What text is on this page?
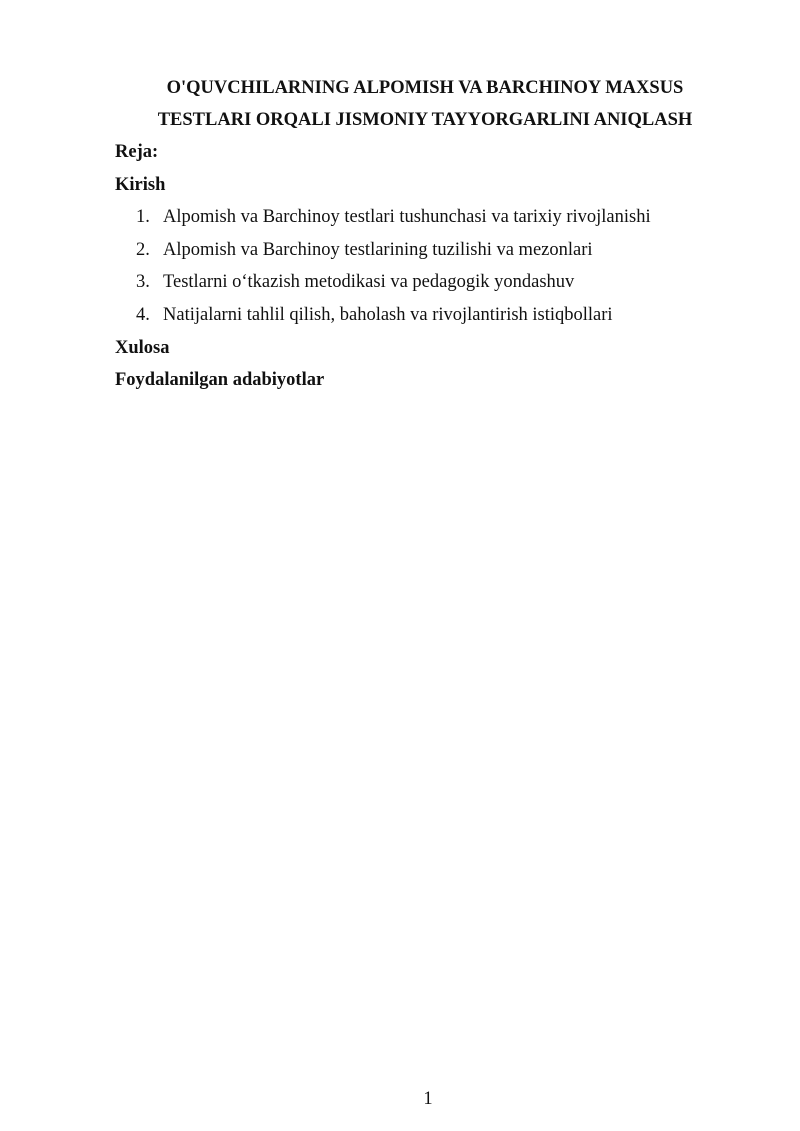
O'QUVCHILARNING ALPOMISH VA BARCHINOY MAXSUS
TESTLARI ORQALI JISMONIY TAYYORGARLINI ANIQLASH
Reja:
Kirish
1. Alpomish va Barchinoy testlari tushunchasi va tarixiy rivojlanishi
2. Alpomish va Barchinoy testlarining tuzilishi va mezonlari
3. Testlarni o‘tkazish metodikasi va pedagogik yondashuv
4. Natijalarni tahlil qilish, baholash va rivojlantirish istiqbollari
Xulosa
Foydalanilgan adabiyotlar
1
